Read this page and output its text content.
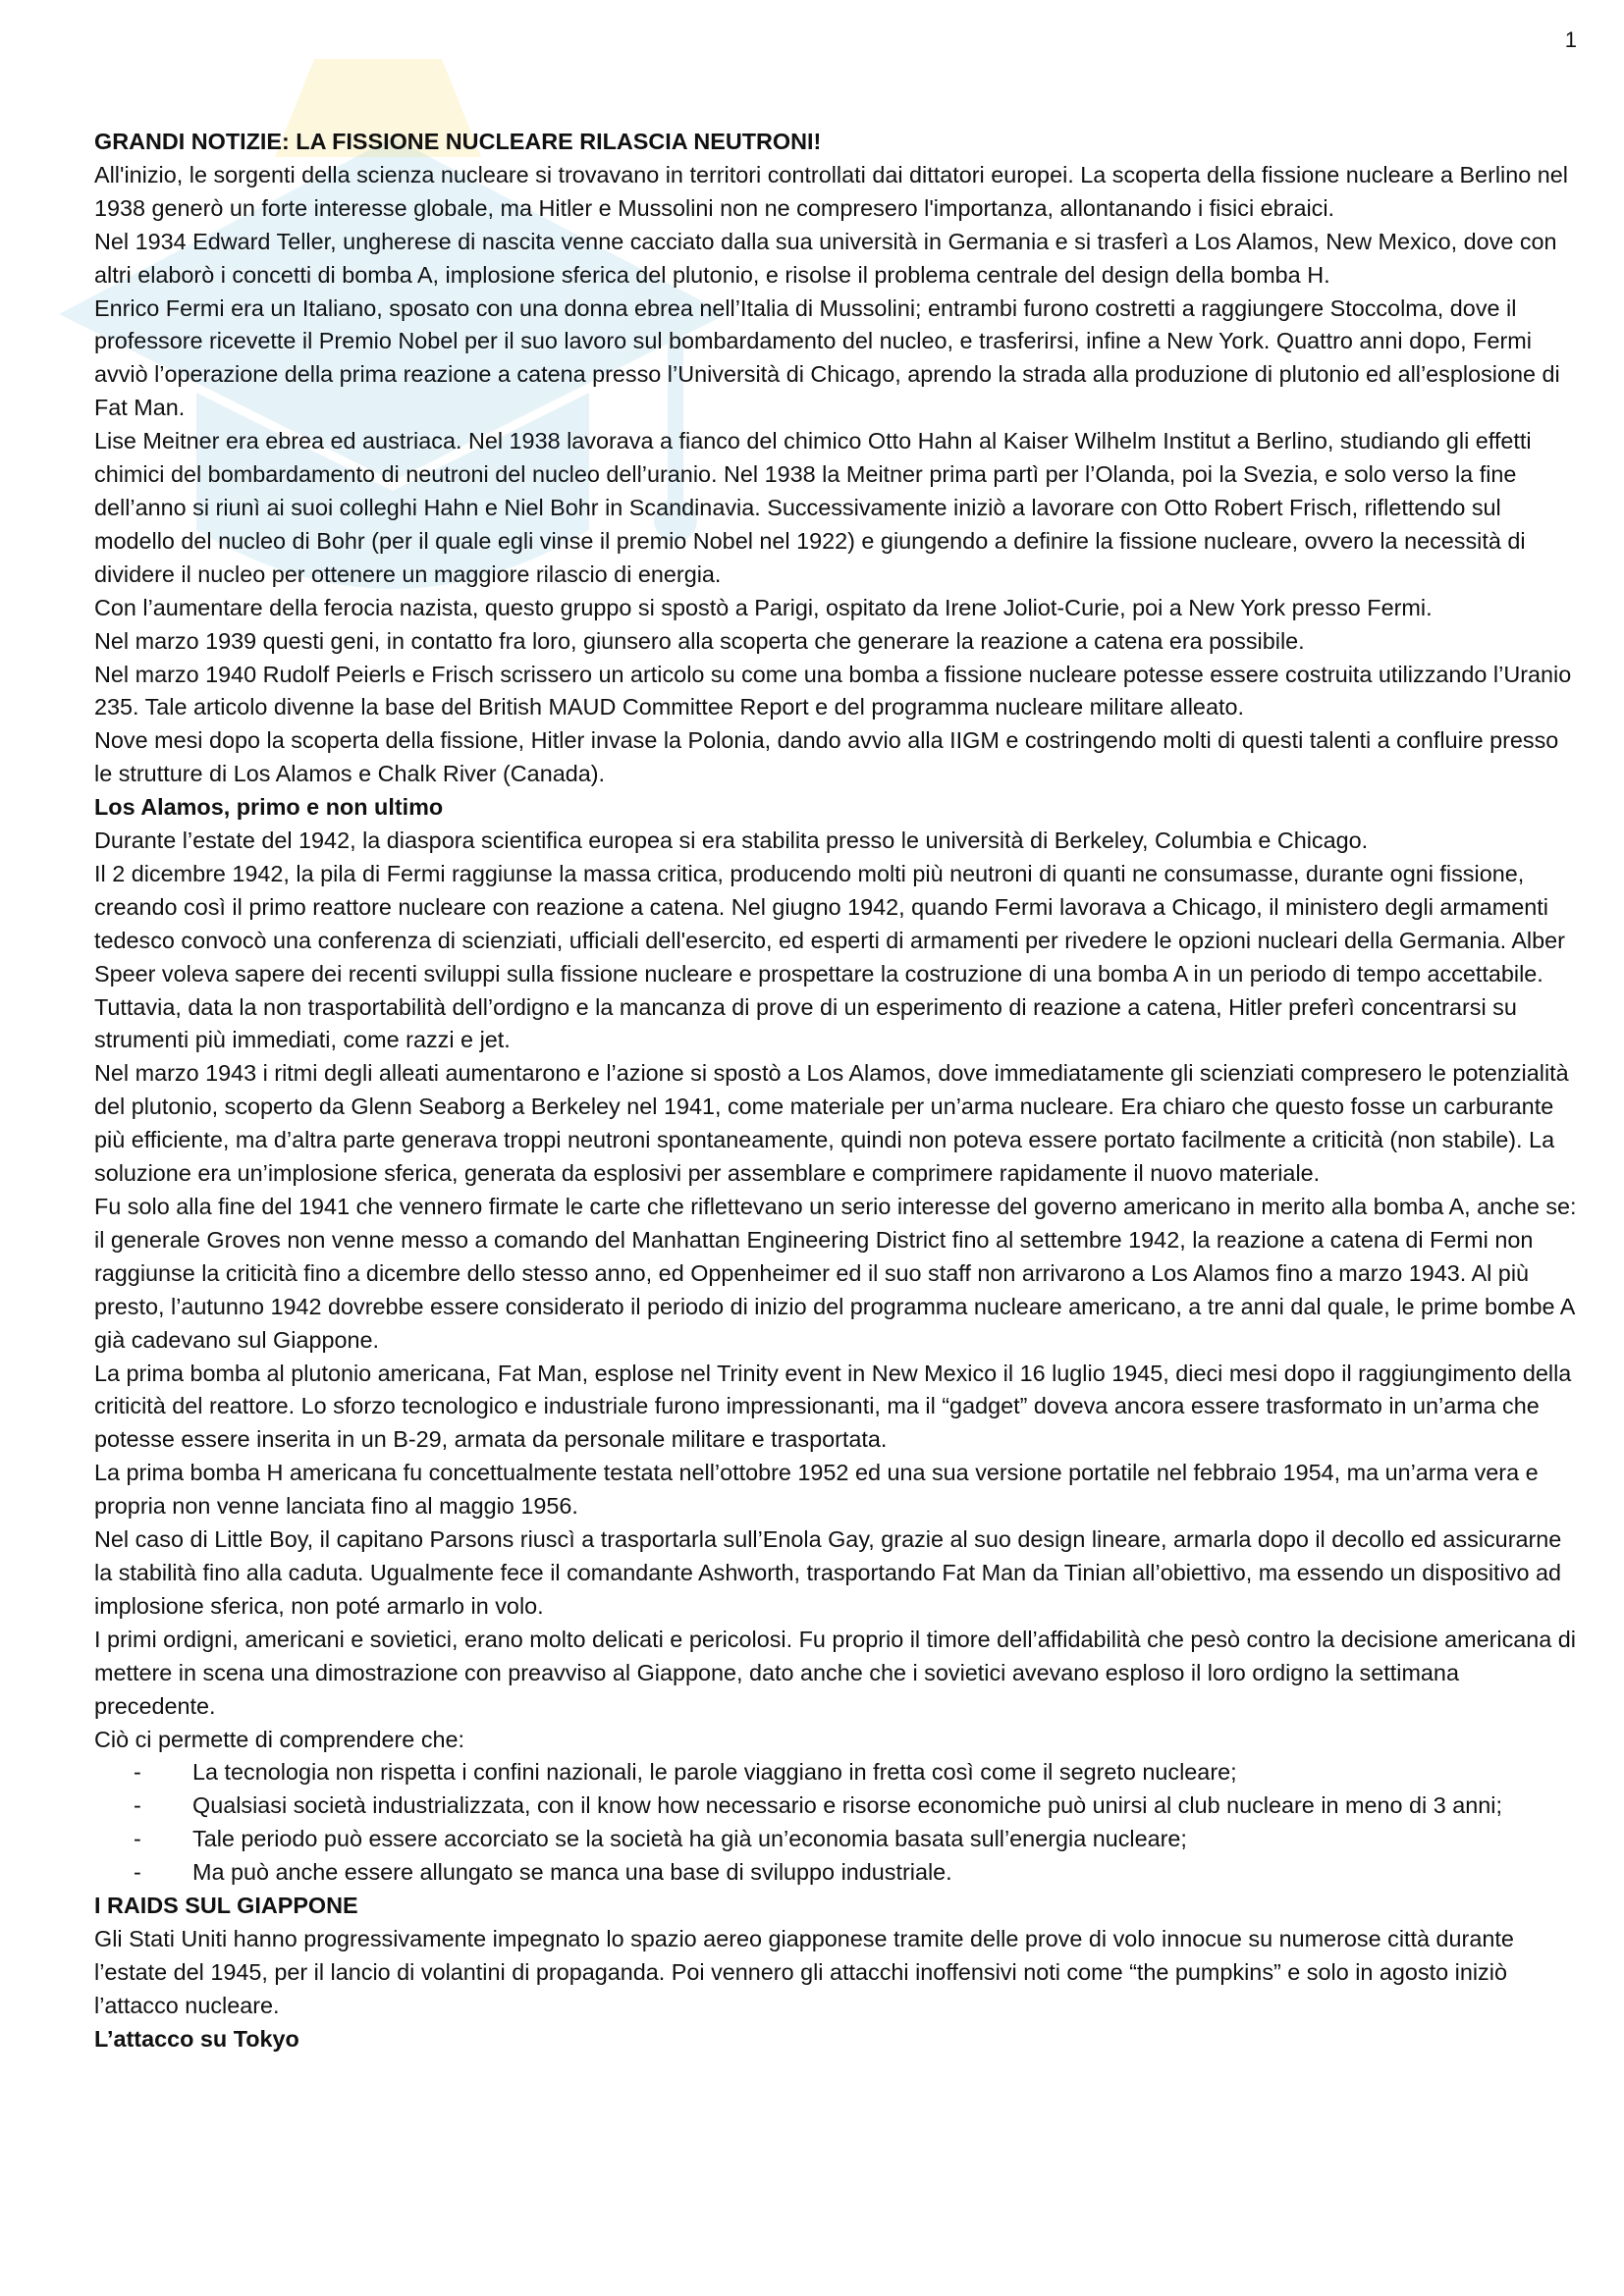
1
GRANDI NOTIZIE: LA FISSIONE NUCLEARE RILASCIA NEUTRONI!

All'inizio, le sorgenti della scienza nucleare si trovavano in territori controllati dai dittatori europei. La scoperta della fissione nucleare a Berlino nel 1938 generò un forte interesse globale, ma Hitler e Mussolini non ne compresero l'importanza, allontanando i fisici ebraici.

Nel 1934 Edward Teller, ungherese di nascita venne cacciato dalla sua università in Germania e si trasferì a Los Alamos, New Mexico, dove con altri elaborò i concetti di bomba A, implosione sferica del plutonio, e risolse il problema centrale del design della bomba H.

Enrico Fermi era un Italiano, sposato con una donna ebrea nell’Italia di Mussolini; entrambi furono costretti a raggiungere Stoccolma, dove il professore ricevette il Premio Nobel per il suo lavoro sul bombardamento del nucleo, e trasferirsi, infine a New York. Quattro anni dopo, Fermi avviò l’operazione della prima reazione a catena presso l’Università di Chicago, aprendo la strada alla produzione di plutonio ed all’esplosione di Fat Man.

Lise Meitner era ebrea ed austriaca. Nel 1938 lavorava a fianco del chimico Otto Hahn al Kaiser Wilhelm Institut a Berlino, studiando gli effetti chimici del bombardamento di neutroni del nucleo dell’uranio. Nel 1938 la Meitner prima partì per l’Olanda, poi la Svezia, e solo verso la fine dell’anno si riunì ai suoi colleghi Hahn e Niel Bohr in Scandinavia. Successivamente iniziò a lavorare con Otto Robert Frisch, riflettendo sul modello del nucleo di Bohr (per il quale egli vinse il premio Nobel nel 1922) e giungendo a definire la fissione nucleare, ovvero la necessità di dividere il nucleo per ottenere un maggiore rilascio di energia.

Con l’aumentare della ferocia nazista, questo gruppo si spostò a Parigi, ospitato da Irene Joliot-Curie, poi a New York presso Fermi.

Nel marzo 1939 questi geni, in contatto fra loro, giunsero alla scoperta che generare la reazione a catena era possibile.

Nel marzo 1940 Rudolf Peierls e Frisch scrissero un articolo su come una bomba a fissione nucleare potesse essere costruita utilizzando l’Uranio 235. Tale articolo divenne la base del British MAUD Committee Report e del programma nucleare militare alleato.

Nove mesi dopo la scoperta della fissione, Hitler invase la Polonia, dando avvio alla IIGM e costringendo molti di questi talenti a confluire presso le strutture di Los Alamos e Chalk River (Canada).

Los Alamos, primo e non ultimo

Durante l’estate del 1942, la diaspora scientifica europea si era stabilita presso le università di Berkeley, Columbia e Chicago.

Il 2 dicembre 1942, la pila di Fermi raggiunse la massa critica, producendo molti più neutroni di quanti ne consumasse, durante ogni fissione, creando così il primo reattore nucleare con reazione a catena. Nel giugno 1942, quando Fermi lavorava a Chicago, il ministero degli armamenti tedesco convocò una conferenza di scienziati, ufficiali dell'esercito, ed esperti di armamenti per rivedere le opzioni nucleari della Germania. Alber Speer voleva sapere dei recenti sviluppi sulla fissione nucleare e prospettare la costruzione di una bomba A in un periodo di tempo accettabile. Tuttavia, data la non trasportabilità dell’ordigno e la mancanza di prove di un esperimento di reazione a catena, Hitler preferì concentrarsi su strumenti più immediati, come razzi e jet.

Nel marzo 1943 i ritmi degli alleati aumentarono e l’azione si spostò a Los Alamos, dove immediatamente gli scienziati compresero le potenzialità del plutonio, scoperto da Glenn Seaborg a Berkeley nel 1941, come materiale per un’arma nucleare. Era chiaro che questo fosse un carburante più efficiente, ma d’altra parte generava troppi neutroni spontaneamente, quindi non poteva essere portato facilmente a criticità (non stabile). La soluzione era un’implosione sferica, generata da esplosivi per assemblare e comprimere rapidamente il nuovo materiale.

Fu solo alla fine del 1941 che vennero firmate le carte che riflettevano un serio interesse del governo americano in merito alla bomba A, anche se: il generale Groves non venne messo a comando del Manhattan Engineering District fino al settembre 1942, la reazione a catena di Fermi non raggiunse la criticità fino a dicembre dello stesso anno, ed Oppenheimer ed il suo staff non arrivarono a Los Alamos fino a marzo 1943. Al più presto, l’autunno 1942 dovrebbe essere considerato il periodo di inizio del programma nucleare americano, a tre anni dal quale, le prime bombe A già cadevano sul Giappone.

La prima bomba al plutonio americana, Fat Man, esplose nel Trinity event in New Mexico il 16 luglio 1945, dieci mesi dopo il raggiungimento della criticità del reattore. Lo sforzo tecnologico e industriale furono impressionanti, ma il “gadget” doveva ancora essere trasformato in un’arma che potesse essere inserita in un B-29, armata da personale militare e trasportata.

La prima bomba H americana fu concettualmente testata nell’ottobre 1952 ed una sua versione portatile nel febbraio 1954, ma un’arma vera e propria non venne lanciata fino al maggio 1956.

Nel caso di Little Boy, il capitano Parsons riuscì a trasportarla sull’Enola Gay, grazie al suo design lineare, armarla dopo il decollo ed assicurarne la stabilità fino alla caduta. Ugualmente fece il comandante Ashworth, trasportando Fat Man da Tinian all’obiettivo, ma essendo un dispositivo ad implosione sferica, non poté armarlo in volo.

I primi ordigni, americani e sovietici, erano molto delicati e pericolosi. Fu proprio il timore dell’affidabilità che pesò contro la decisione americana di mettere in scena una dimostrazione con preavviso al Giappone, dato anche che i sovietici avevano esploso il loro ordigno la settimana precedente.

Ciò ci permette di comprendere che:

- La tecnologia non rispetta i confini nazionali, le parole viaggiano in fretta così come il segreto nucleare;
- Qualsiasi società industrializzata, con il know how necessario e risorse economiche può unirsi al club nucleare in meno di 3 anni;
- Tale periodo può essere accorciato se la società ha già un’economia basata sull’energia nucleare;
- Ma può anche essere allungato se manca una base di sviluppo industriale.
I RAIDS SUL GIAPPONE

Gli Stati Uniti hanno progressivamente impegnato lo spazio aereo giapponese tramite delle prove di volo innocue su numerose città durante l’estate del 1945, per il lancio di volantini di propaganda. Poi vennero gli attacchi inoffensivi noti come “the pumpkins” e solo in agosto iniziò l’attacco nucleare.

L’attacco su Tokyo
